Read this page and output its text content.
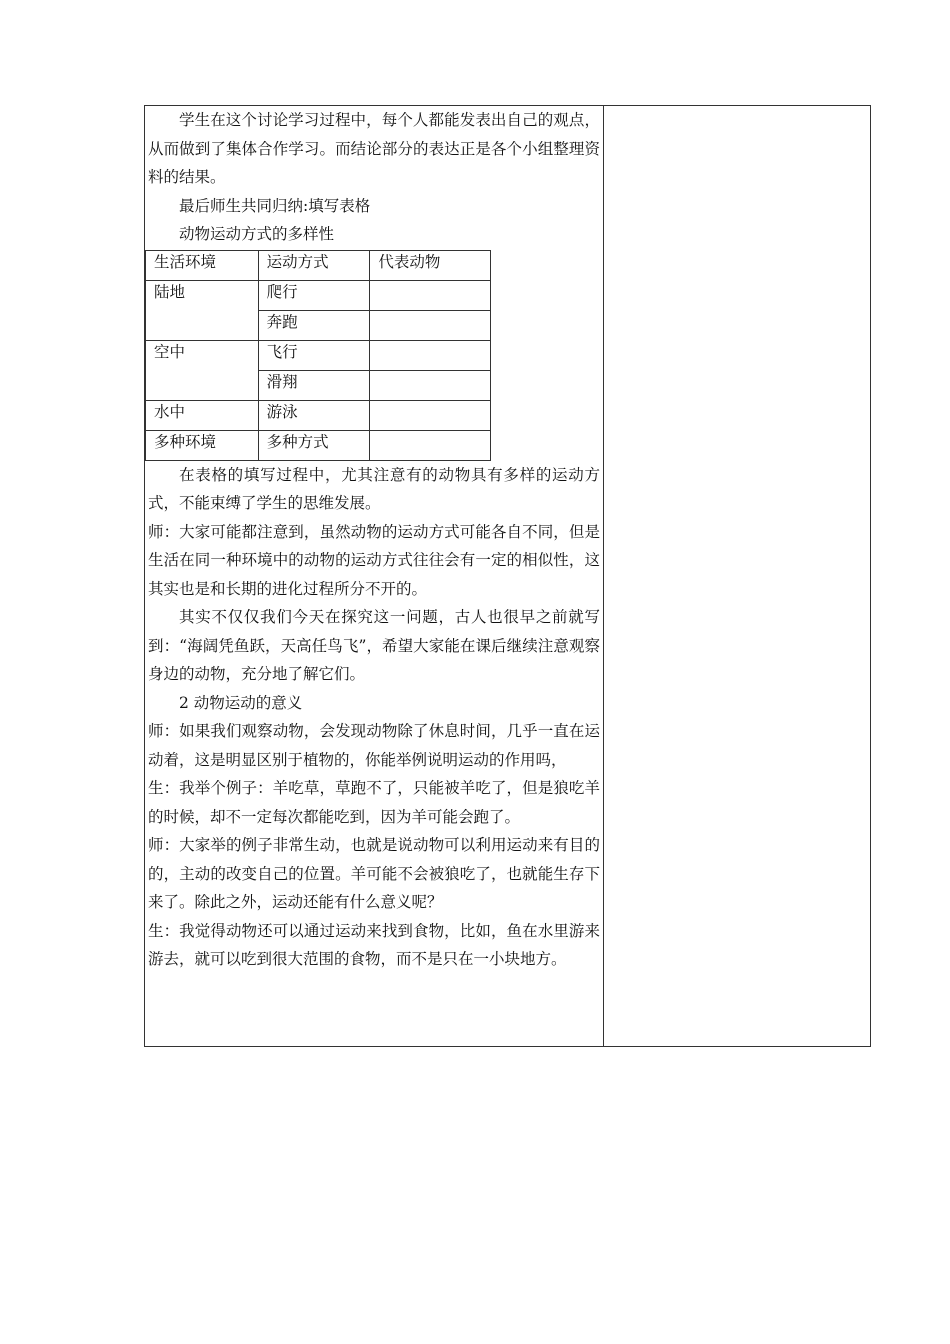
学生在这个讨论学习过程中，每个人都能发表出自己的观点，从而做到了集体合作学习。而结论部分的表达正是各个小组整理资料的结果。

最后师生共同归纳:填写表格

动物运动方式的多样性

生活环境	运动方式	代表动物
陆地	爬行	
	奔跑	
空中	飞行	
	滑翔	
水中	游泳	
多种环境	多种方式	

在表格的填写过程中，尤其注意有的动物具有多样的运动方式，不能束缚了学生的思维发展。

师：大家可能都注意到，虽然动物的运动方式可能各自不同，但是生活在同一种环境中的动物的运动方式往往会有一定的相似性，这其实也是和长期的进化过程所分不开的。

其实不仅仅我们今天在探究这一问题，古人也很早之前就写到：“海阔凭鱼跃，天高任鸟飞”，希望大家能在课后继续注意观察身边的动物，充分地了解它们。

2 动物运动的意义

师：如果我们观察动物，会发现动物除了休息时间，几乎一直在运动着，这是明显区别于植物的，你能举例说明运动的作用吗，

生：我举个例子：羊吃草，草跑不了，只能被羊吃了，但是狼吃羊的时候，却不一定每次都能吃到，因为羊可能会跑了。

师：大家举的例子非常生动，也就是说动物可以利用运动来有目的的，主动的改变自己的位置。羊可能不会被狼吃了，也就能生存下来了。除此之外，运动还能有什么意义呢？

生：我觉得动物还可以通过运动来找到食物，比如，鱼在水里游来游去，就可以吃到很大范围的食物，而不是只在一小块地方。
